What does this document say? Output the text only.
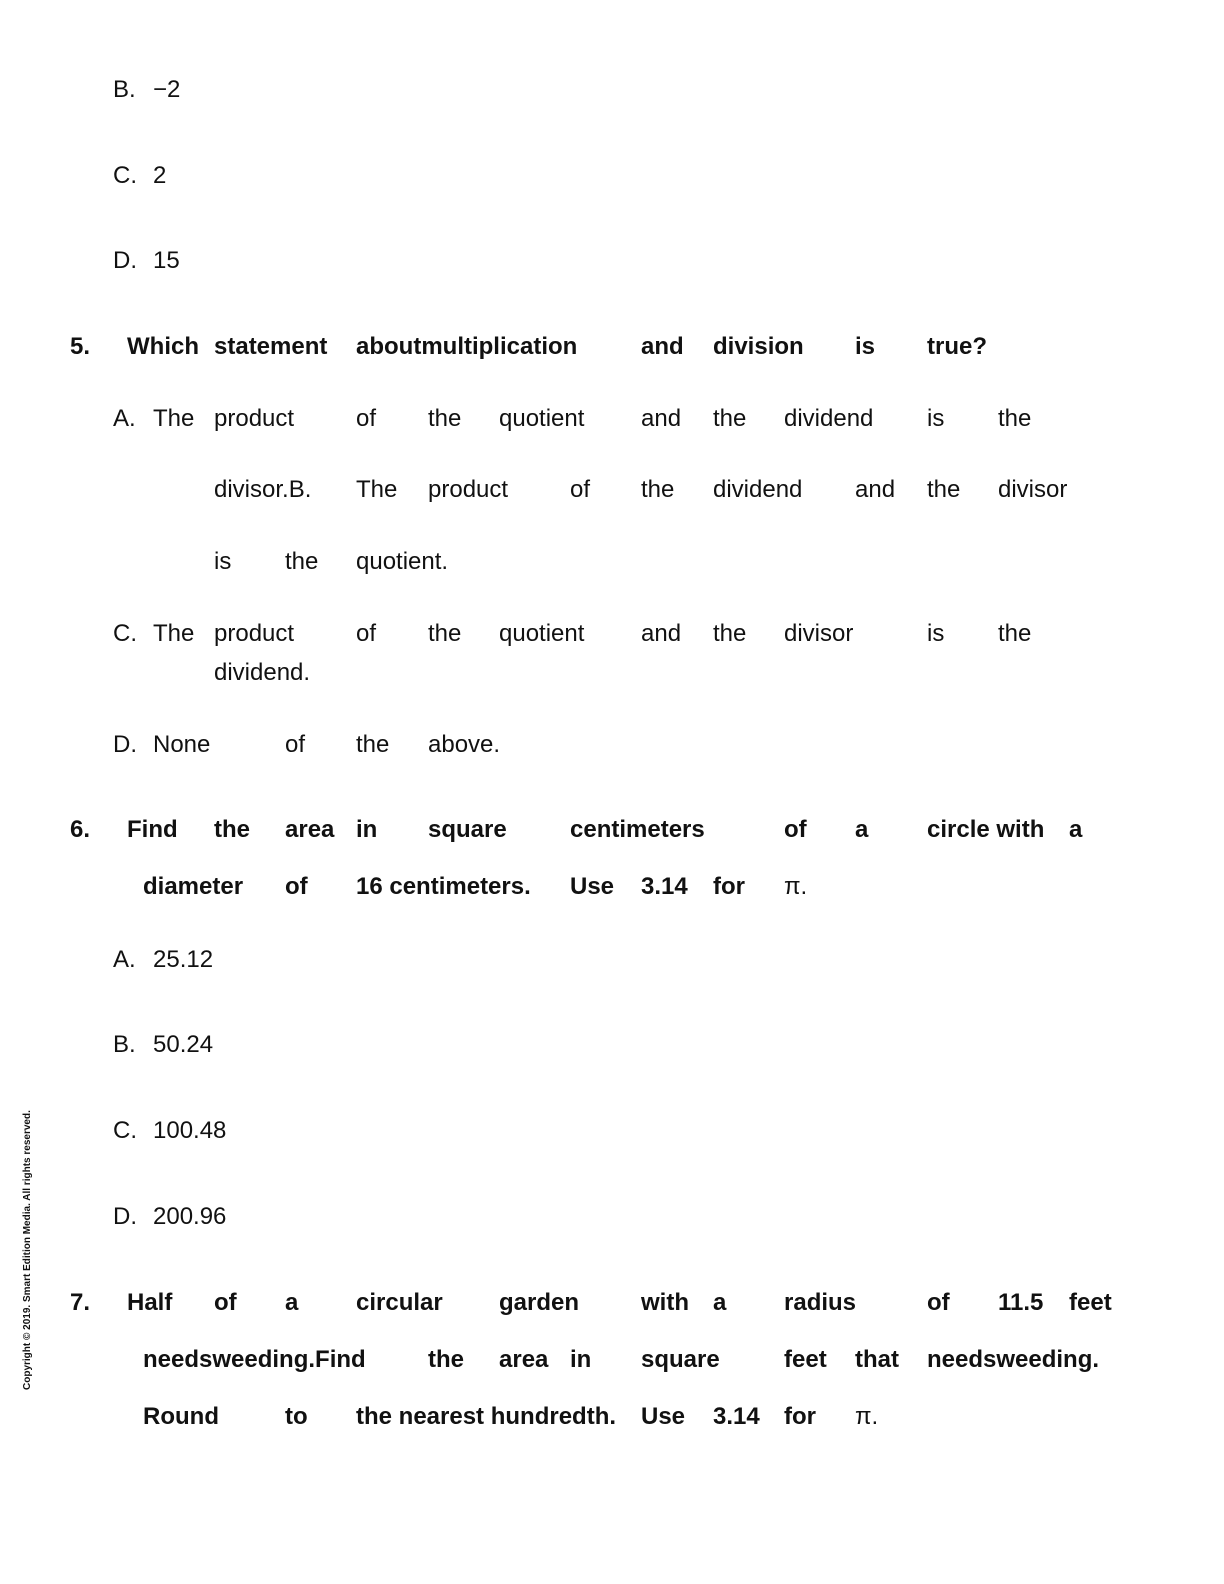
B. −2
C. 2
D. 15
5. Which statement aboutmultiplication	and division is true?
A. The product	of the quotient and the dividend is the
divisor.B. The product	of the dividend and the divisor
is the quotient.
C. The product	of the quotient and the divisor	is the
dividend.
D. None	of the above.
6. Find the area in square	centimeters	of a circle with a
diameter of 16 centimeters. Use 3.14 for π.
A. 25.12
B. 50.24
C. 100.48
D. 200.96
7. Half of a circular garden	with a radius	of 11.5 feet
needsweeding.Find	the area in square	feet that needsweeding.
Round	to the nearest hundredth. Use 3.14 for π.
Copyright © 2019. Smart Edition Media. All rights reserved.
